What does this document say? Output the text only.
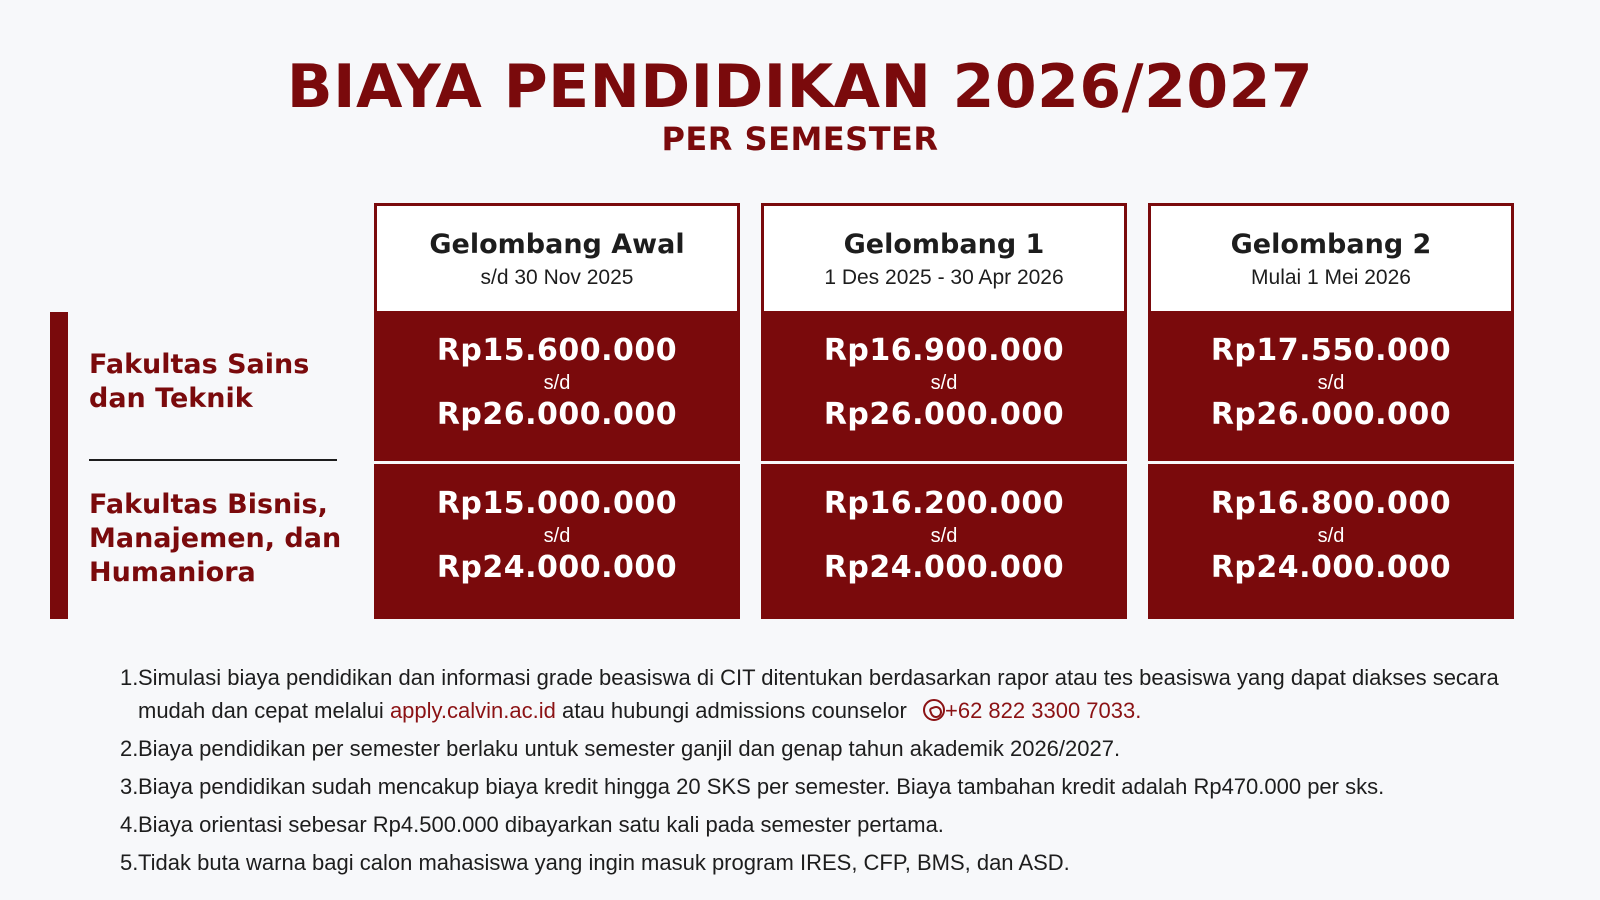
BIAYA PENDIDIKAN 2026/2027
PER SEMESTER
Fakultas Sains
dan Teknik
Fakultas Bisnis,
Manajemen, dan
Humaniora
Gelombang Awal
s/d 30 Nov 2025
Rp15.600.000
s/d
Rp26.000.000
Rp15.000.000
s/d
Rp24.000.000
Gelombang 1
1 Des 2025 - 30 Apr 2026
Rp16.900.000
s/d
Rp26.000.000
Rp16.200.000
s/d
Rp24.000.000
Gelombang 2
Mulai 1 Mei 2026
Rp17.550.000
s/d
Rp26.000.000
Rp16.800.000
s/d
Rp24.000.000
1. Simulasi biaya pendidikan dan informasi grade beasiswa di CIT ditentukan berdasarkan rapor atau tes beasiswa yang dapat diakses secara mudah dan cepat melalui apply.calvin.ac.id atau hubungi admissions counselor +62 822 3300 7033.
2. Biaya pendidikan per semester berlaku untuk semester ganjil dan genap tahun akademik 2026/2027.
3. Biaya pendidikan sudah mencakup biaya kredit hingga 20 SKS per semester. Biaya tambahan kredit adalah Rp470.000 per sks.
4. Biaya orientasi sebesar Rp4.500.000 dibayarkan satu kali pada semester pertama.
5. Tidak buta warna bagi calon mahasiswa yang ingin masuk program IRES, CFP, BMS, dan ASD.
